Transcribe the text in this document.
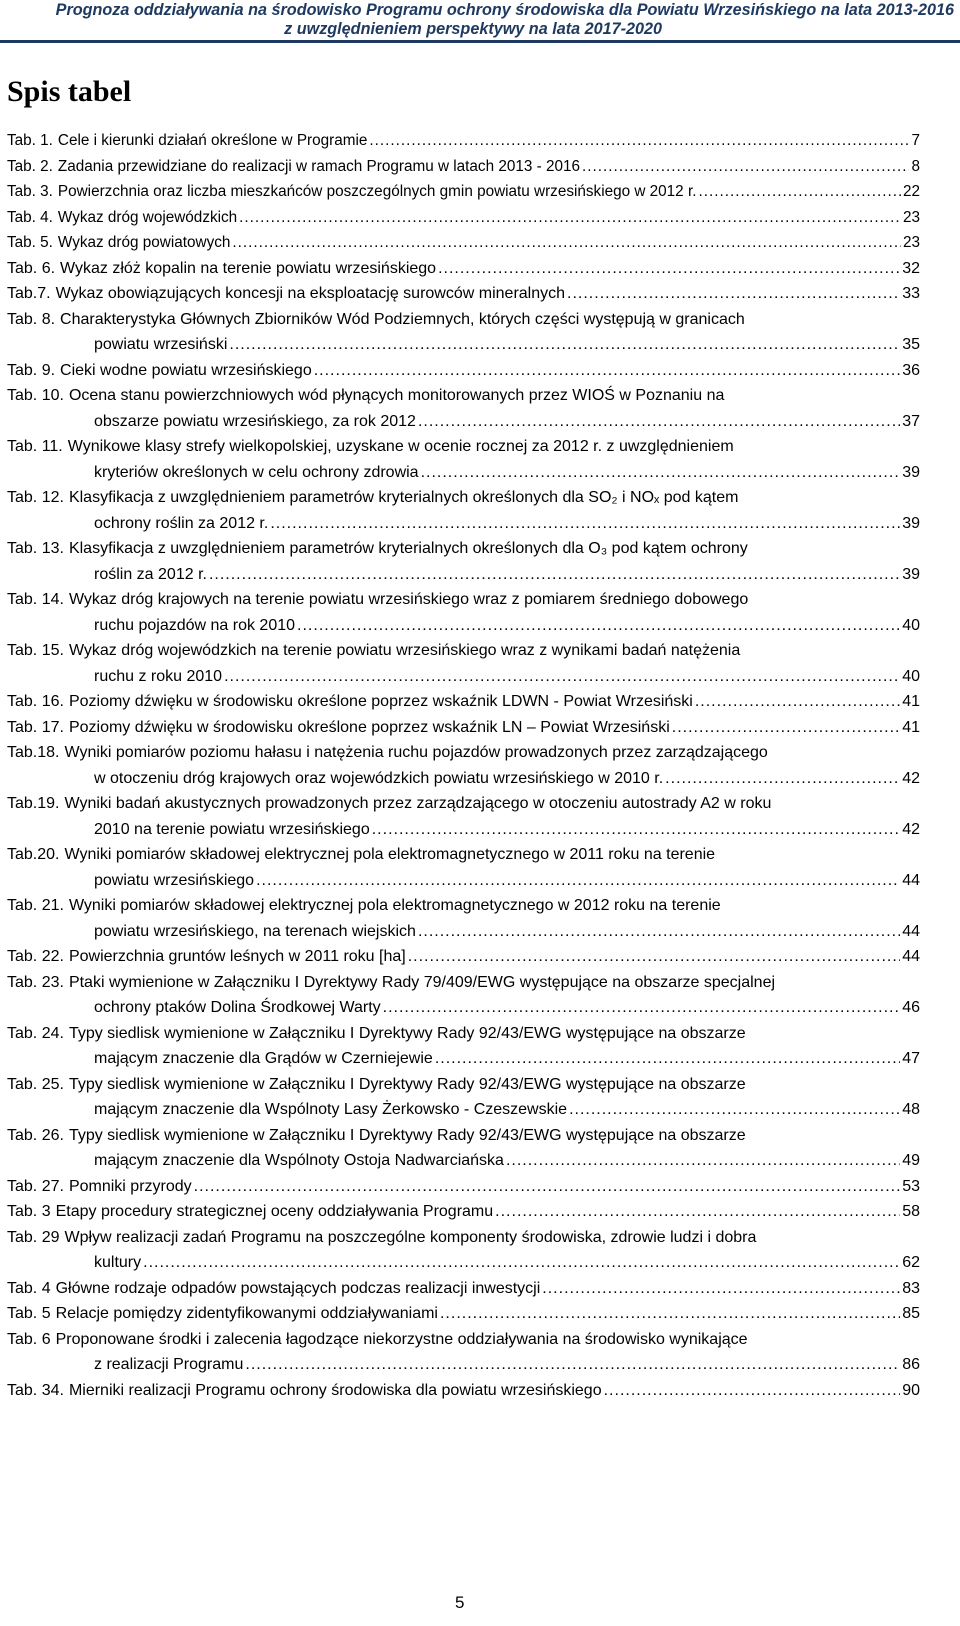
Prognoza oddziaływania na środowisko Programu ochrony środowiska dla Powiatu Wrzesińskiego na lata 2013-2016
z uwzględnieniem perspektywy na lata 2017-2020
Spis tabel
Tab. 1. Cele i kierunki działań określone w Programie .....	7
Tab. 2. Zadania przewidziane do realizacji w ramach Programu w latach 2013 - 2016 .....	8
Tab. 3. Powierzchnia oraz liczba mieszkańców poszczególnych gmin powiatu wrzesińskiego w 2012 r. .....	22
Tab. 4. Wykaz dróg wojewódzkich .....	23
Tab. 5. Wykaz dróg powiatowych .....	23
Tab. 6. Wykaz złóż kopalin na terenie powiatu wrzesińskiego .....	32
Tab.7. Wykaz obowiązujących koncesji na eksploatację surowców mineralnych .....	33
Tab. 8. Charakterystyka Głównych Zbiorników Wód Podziemnych, których części występują w granicach
powiatu wrzesiński .....	35
Tab. 9. Cieki wodne powiatu wrzesińskiego .....	36
Tab. 10. Ocena stanu powierzchniowych wód płynących monitorowanych przez WIOŚ w Poznaniu na
obszarze powiatu wrzesińskiego, za rok 2012 .....	37
Tab. 11. Wynikowe klasy strefy wielkopolskiej, uzyskane w ocenie rocznej za 2012 r. z uwzględnieniem
kryteriów określonych w celu ochrony zdrowia .....	39
Tab. 12. Klasyfikacja z uwzględnieniem parametrów kryterialnych określonych dla SO₂ i NOₓ pod kątem
ochrony roślin za 2012 r. .....	39
Tab. 13. Klasyfikacja z uwzględnieniem parametrów kryterialnych określonych dla O₃ pod kątem ochrony
roślin za 2012 r. .....	39
Tab. 14. Wykaz dróg krajowych na terenie powiatu wrzesińskiego wraz z pomiarem średniego dobowego
ruchu pojazdów na rok 2010 .....	40
Tab. 15. Wykaz dróg wojewódzkich na terenie powiatu wrzesińskiego wraz z wynikami badań natężenia
ruchu z roku 2010 .....	40
Tab. 16. Poziomy dźwięku w środowisku określone poprzez wskaźnik LDWN - Powiat Wrzesiński .....	41
Tab. 17. Poziomy dźwięku w środowisku określone poprzez wskaźnik LN – Powiat Wrzesiński .....	41
Tab.18. Wyniki pomiarów poziomu hałasu i natężenia ruchu pojazdów prowadzonych przez zarządzającego
w otoczeniu dróg krajowych oraz wojewódzkich powiatu wrzesińskiego w 2010 r. .....	42
Tab.19. Wyniki badań akustycznych prowadzonych przez zarządzającego w otoczeniu autostrady A2 w roku
2010 na terenie powiatu wrzesińskiego .....	42
Tab.20. Wyniki pomiarów składowej elektrycznej pola elektromagnetycznego w 2011 roku na terenie
powiatu wrzesińskiego .....	44
Tab. 21. Wyniki pomiarów składowej elektrycznej pola elektromagnetycznego w 2012 roku na terenie
powiatu wrzesińskiego, na terenach wiejskich .....	44
Tab. 22. Powierzchnia gruntów leśnych w 2011 roku [ha] .....	44
Tab. 23. Ptaki wymienione w Załączniku I Dyrektywy Rady 79/409/EWG występujące na obszarze specjalnej
ochrony ptaków Dolina Środkowej Warty .....	46
Tab. 24. Typy siedlisk wymienione w Załączniku I Dyrektywy Rady 92/43/EWG występujące na obszarze
mającym znaczenie dla Grądów w Czerniejewie .....	47
Tab. 25. Typy siedlisk wymienione w Załączniku I Dyrektywy Rady 92/43/EWG występujące na obszarze
mającym znaczenie dla Wspólnoty Lasy Żerkowsko - Czeszewskie .....	48
Tab. 26. Typy siedlisk wymienione w Załączniku I Dyrektywy Rady 92/43/EWG występujące na obszarze
mającym znaczenie dla Wspólnoty Ostoja Nadwarciańska .....	49
Tab. 27. Pomniki przyrody .....	53
Tab. 3 Etapy procedury strategicznej oceny oddziaływania Programu .....	58
Tab. 29 Wpływ realizacji zadań Programu na poszczególne komponenty środowiska, zdrowie ludzi i dobra
kultury .....	62
Tab. 4 Główne rodzaje odpadów powstających podczas realizacji inwestycji .....	83
Tab. 5 Relacje pomiędzy zidentyfikowanymi oddziaływaniami .....	85
Tab. 6 Proponowane środki i zalecenia łagodzące niekorzystne oddziaływania na środowisko wynikające
z realizacji Programu .....	86
Tab. 34. Mierniki realizacji Programu ochrony środowiska dla powiatu wrzesińskiego .....	90
5
